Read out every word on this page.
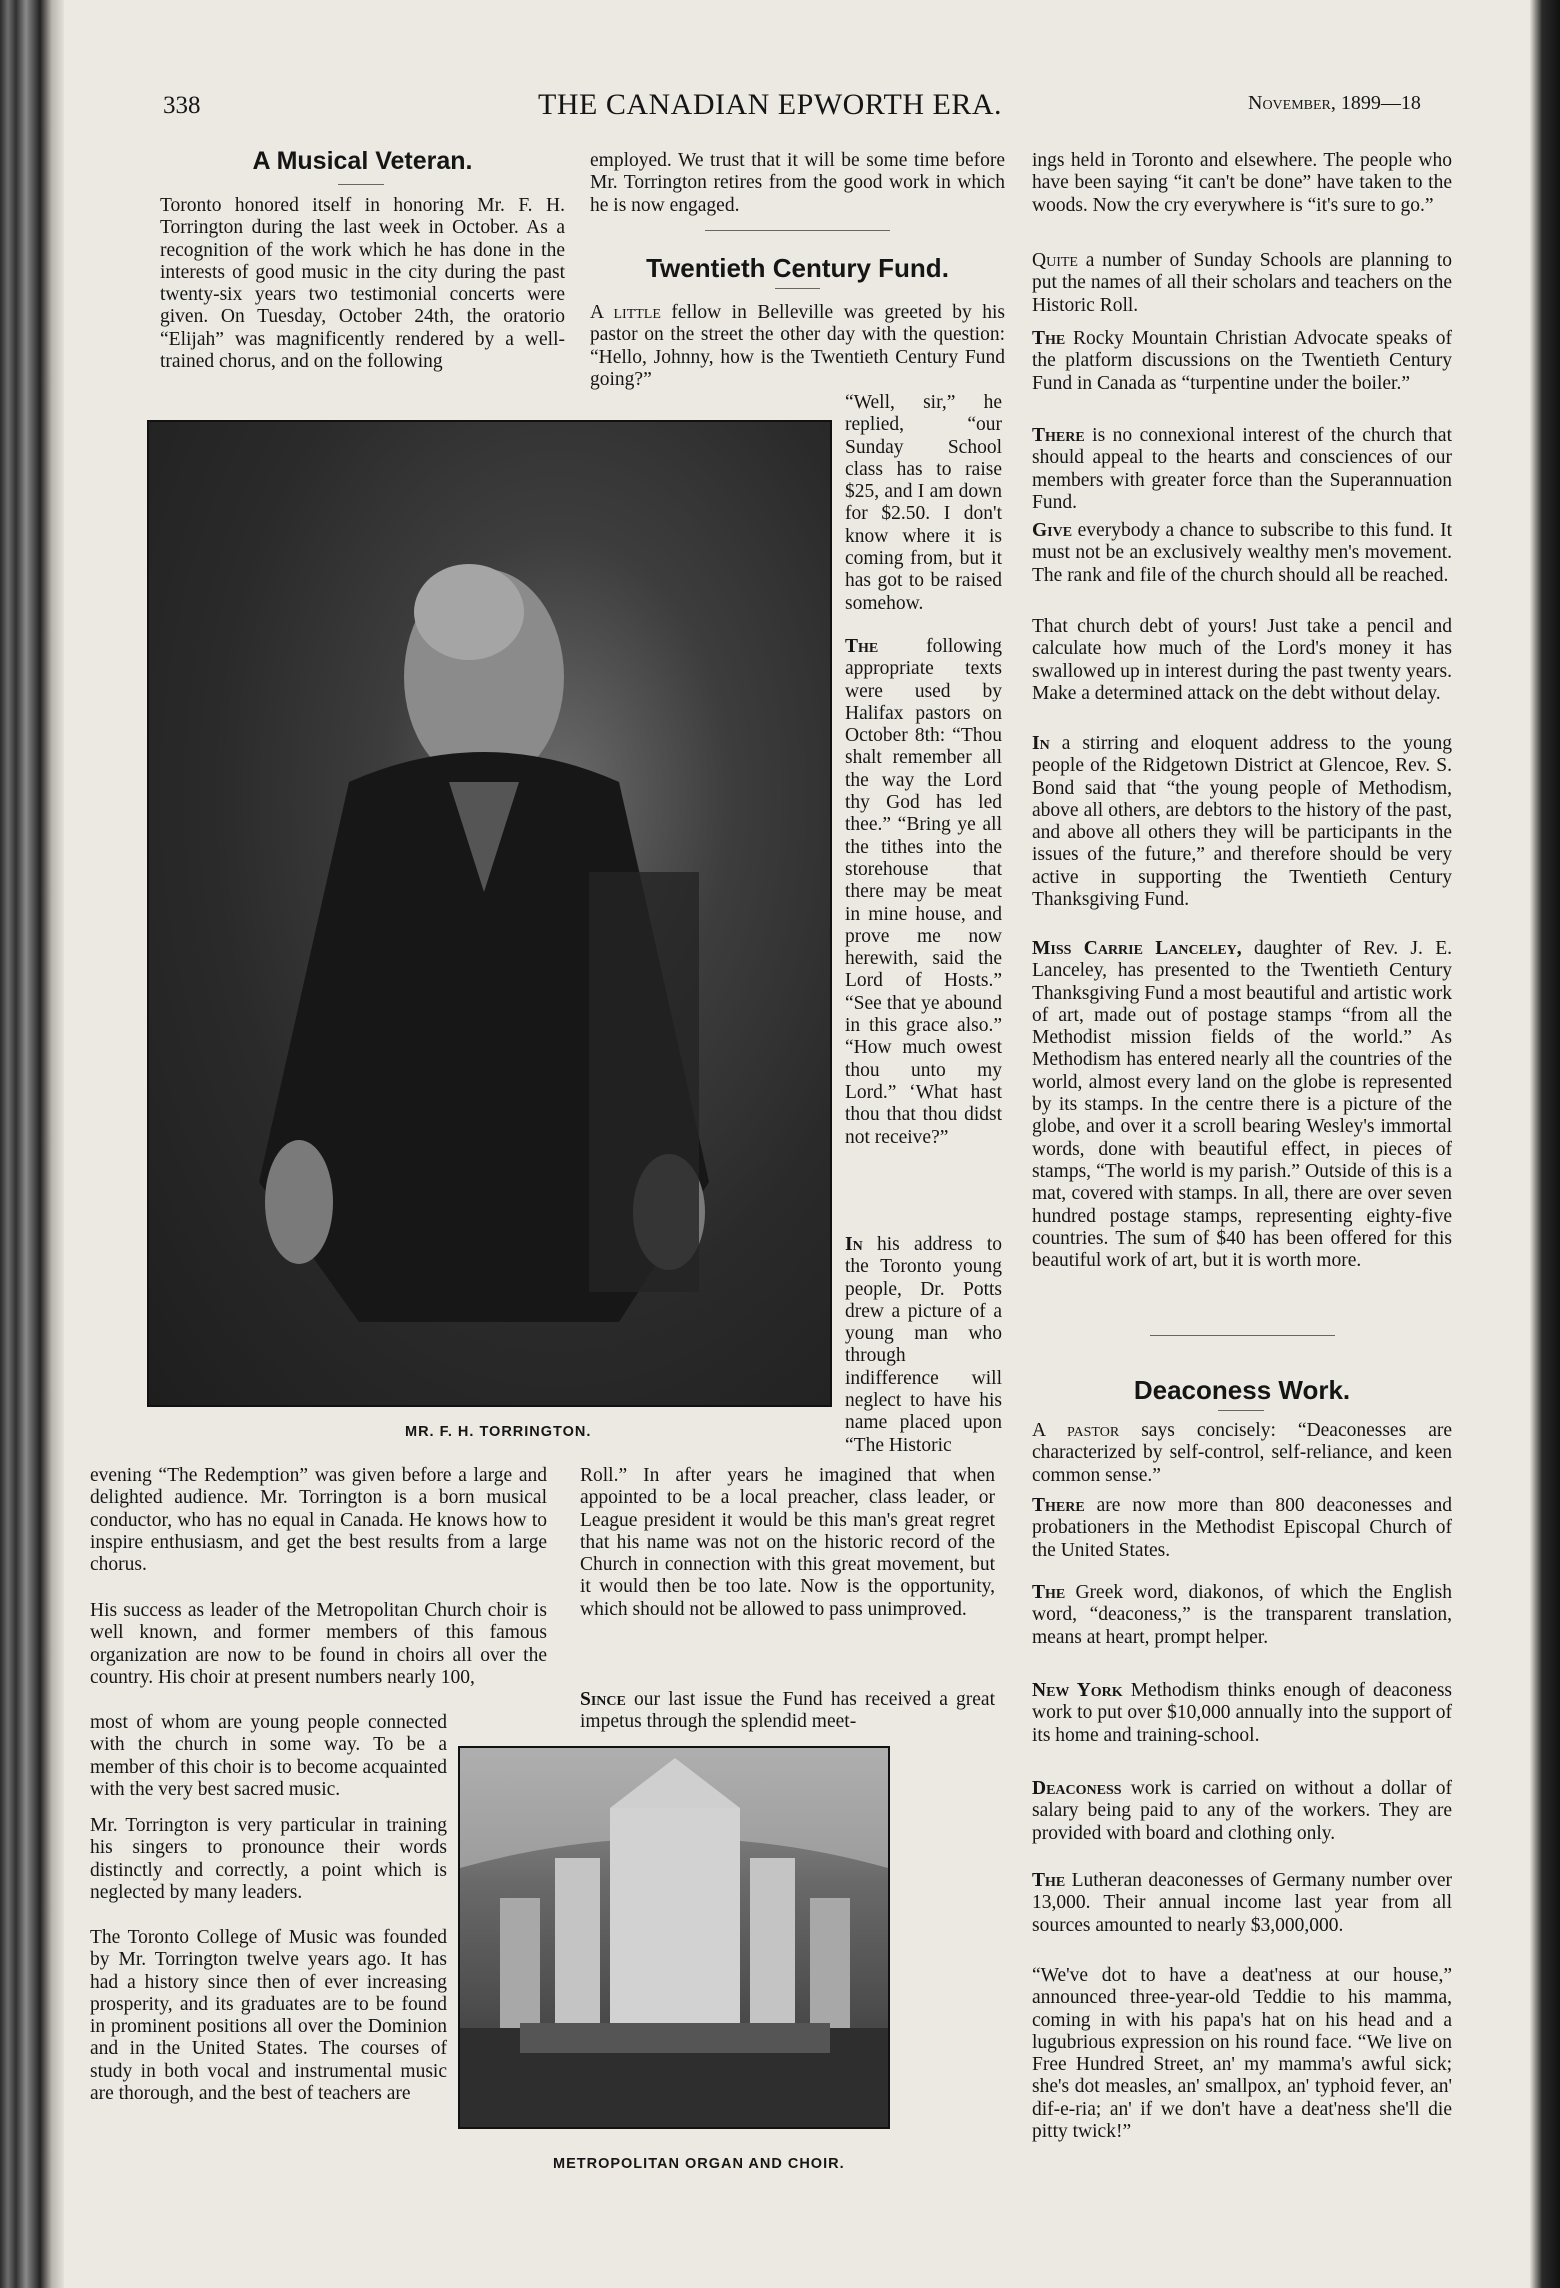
338	THE CANADIAN EPWORTH ERA.	November, 1899—18
A Musical Veteran.

Toronto honored itself in honoring Mr. F. H. Torrington during the last week in October. As a recognition of the work which he has done in the interests of good music in the city during the past twenty-six years two testimonial concerts were given. On Tuesday, October 24th, the oratorio “Elijah” was magnificently rendered by a well-trained chorus, and on the following

employed. We trust that it will be some time before Mr. Torrington retires from the good work in which he is now engaged.

Twentieth Century Fund.

A little fellow in Belleville was greeted by his pastor on the street the other day with the question: “Hello, Johnny, how is the Twentieth Century Fund going?”

MR. F. H. TORRINGTON.

“Well, sir,” he replied, “our Sunday School class has to raise $25, and I am down for $2.50. I don't know where it is coming from, but it has got to be raised somehow.

The following appropriate texts were used by Halifax pastors on October 8th: “Thou shalt remember all the way the Lord thy God has led thee.” “Bring ye all the tithes into the storehouse that there may be meat in mine house, and prove me now herewith, said the Lord of Hosts.” “See that ye abound in this grace also.” “How much owest thou unto my Lord.” ‘What hast thou that thou didst not receive?”

In his address to the Toronto young people, Dr. Potts drew a picture of a young man who through indifference will neglect to have his name placed upon “The Historic

evening “The Redemption” was given before a large and delighted audience. Mr. Torrington is a born musical conductor, who has no equal in Canada. He knows how to inspire enthusiasm, and get the best results from a large chorus.

His success as leader of the Metropolitan Church choir is well known, and former members of this famous organization are now to be found in choirs all over the country. His choir at present numbers nearly 100,

most of whom are young people connected with the church in some way. To be a member of this choir is to become acquainted with the very best sacred music.

Mr. Torrington is very particular in training his singers to pronounce their words distinctly and correctly, a point which is neglected by many leaders.

The Toronto College of Music was founded by Mr. Torrington twelve years ago. It has had a history since then of ever increasing prosperity, and its graduates are to be found in prominent positions all over the Dominion and in the United States. The courses of study in both vocal and instrumental music are thorough, and the best of teachers are

Roll.” In after years he imagined that when appointed to be a local preacher, class leader, or League president it would be this man's great regret that his name was not on the historic record of the Church in connection with this great movement, but it would then be too late. Now is the opportunity, which should not be allowed to pass unimproved.

Since our last issue the Fund has received a great impetus through the splendid meet-

METROPOLITAN ORGAN AND CHOIR.

ings held in Toronto and elsewhere. The people who have been saying “it can't be done” have taken to the woods. Now the cry everywhere is “it's sure to go.”

Quite a number of Sunday Schools are planning to put the names of all their scholars and teachers on the Historic Roll.

The Rocky Mountain Christian Advocate speaks of the platform discussions on the Twentieth Century Fund in Canada as “turpentine under the boiler.”

There is no connexional interest of the church that should appeal to the hearts and consciences of our members with greater force than the Superannuation Fund.

Give everybody a chance to subscribe to this fund. It must not be an exclusively wealthy men's movement. The rank and file of the church should all be reached.

That church debt of yours! Just take a pencil and calculate how much of the Lord's money it has swallowed up in interest during the past twenty years. Make a determined attack on the debt without delay.

In a stirring and eloquent address to the young people of the Ridgetown District at Glencoe, Rev. S. Bond said that “the young people of Methodism, above all others, are debtors to the history of the past, and above all others they will be participants in the issues of the future,” and therefore should be very active in supporting the Twentieth Century Thanksgiving Fund.

Miss Carrie Lanceley, daughter of Rev. J. E. Lanceley, has presented to the Twentieth Century Thanksgiving Fund a most beautiful and artistic work of art, made out of postage stamps “from all the Methodist mission fields of the world.” As Methodism has entered nearly all the countries of the world, almost every land on the globe is represented by its stamps. In the centre there is a picture of the globe, and over it a scroll bearing Wesley's immortal words, done with beautiful effect, in pieces of stamps, “The world is my parish.” Outside of this is a mat, covered with stamps. In all, there are over seven hundred postage stamps, representing eighty-five countries. The sum of $40 has been offered for this beautiful work of art, but it is worth more.

Deaconess Work.

A pastor says concisely: “Deaconesses are characterized by self-control, self-reliance, and keen common sense.”

There are now more than 800 deaconesses and probationers in the Methodist Episcopal Church of the United States.

The Greek word, diakonos, of which the English word, “deaconess,” is the transparent translation, means at heart, prompt helper.

New York Methodism thinks enough of deaconess work to put over $10,000 annually into the support of its home and training-school.

Deaconess work is carried on without a dollar of salary being paid to any of the workers. They are provided with board and clothing only.

The Lutheran deaconesses of Germany number over 13,000. Their annual income last year from all sources amounted to nearly $3,000,000.

“We've dot to have a deat'ness at our house,” announced three-year-old Teddie to his mamma, coming in with his papa's hat on his head and a lugubrious expression on his round face. “We live on Free Hundred Street, an' my mamma's awful sick; she's dot measles, an' smallpox, an' typhoid fever, an' dif-e-ria; an' if we don't have a deat'ness she'll die pitty twick!”
